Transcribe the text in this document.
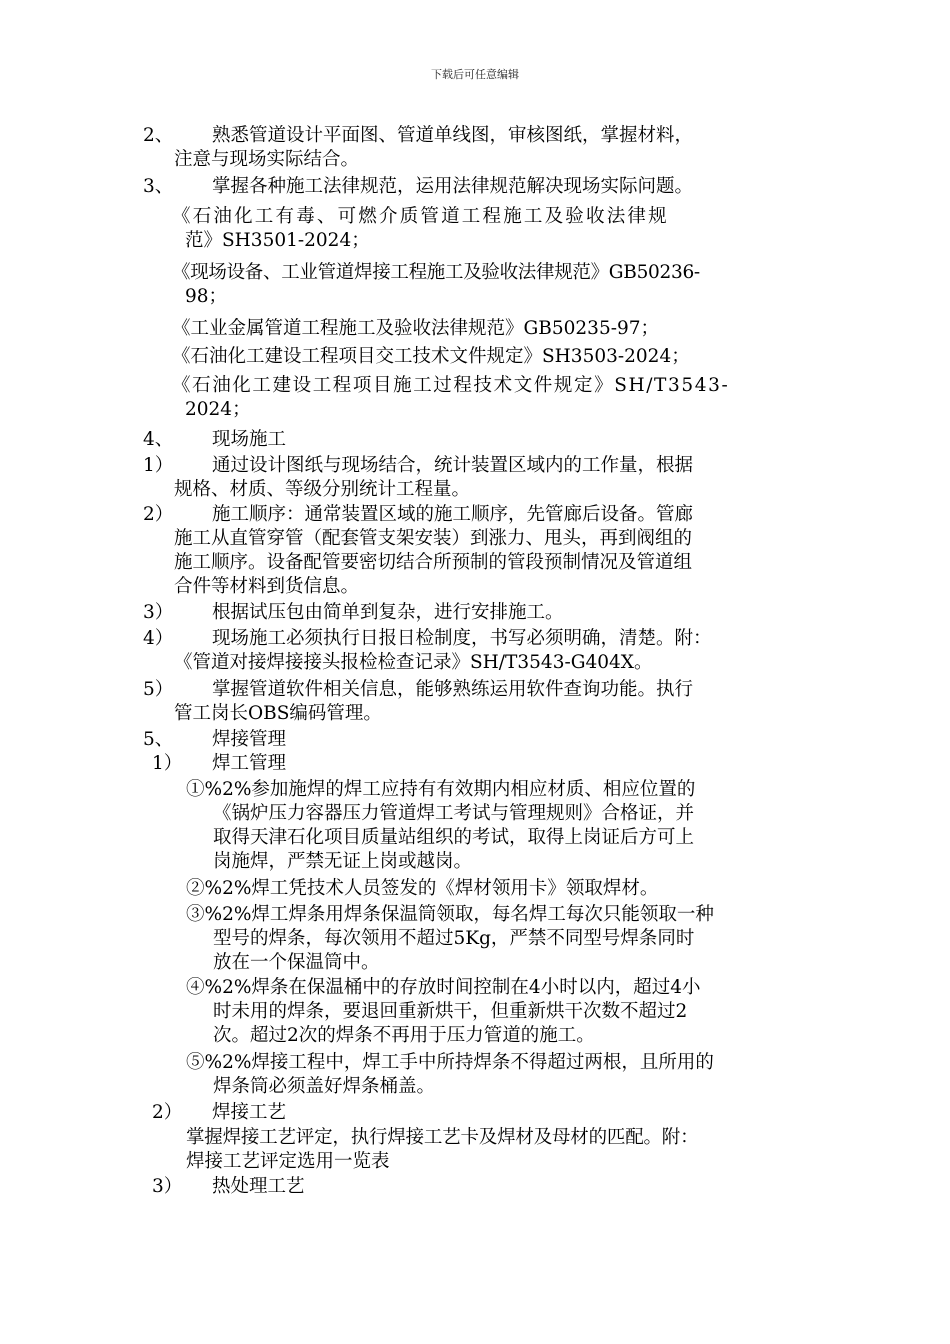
下载后可任意编辑
2、 熟悉管道设计平面图、管道单线图，审核图纸，掌握材料，
注意与现场实际结合。
3、 掌握各种施工法律规范，运用法律规范解决现场实际问题。
《石油化工有毒、可燃介质管道工程施工及验收法律规
范》SH3501-2024；
《现场设备、工业管道焊接工程施工及验收法律规范》GB50236-
98；
《工业金属管道工程施工及验收法律规范》GB50235-97；
《石油化工建设工程项目交工技术文件规定》SH3503-2024；
《石油化工建设工程项目施工过程技术文件规定》SH/T3543-
2024；
4、 现场施工
1） 通过设计图纸与现场结合，统计装置区域内的工作量，根据
规格、材质、等级分别统计工程量。
2） 施工顺序：通常装置区域的施工顺序，先管廊后设备。管廊
施工从直管穿管（配套管支架安装）到涨力、甩头，再到阀组的
施工顺序。设备配管要密切结合所预制的管段预制情况及管道组
合件等材料到货信息。
3） 根据试压包由简单到复杂，进行安排施工。
4） 现场施工必须执行日报日检制度，书写必须明确，清楚。附：
《管道对接焊接接头报检检查记录》SH/T3543-G404X。
5） 掌握管道软件相关信息，能够熟练运用软件查询功能。执行
管工岗长OBS编码管理。
5、 焊接管理
1） 焊工管理
①%2%参加施焊的焊工应持有有效期内相应材质、相应位置的
《锅炉压力容器压力管道焊工考试与管理规则》合格证，并
取得天津石化项目质量站组织的考试，取得上岗证后方可上
岗施焊，严禁无证上岗或越岗。
②%2%焊工凭技术人员签发的《焊材领用卡》领取焊材。
③%2%焊工焊条用焊条保温筒领取，每名焊工每次只能领取一种
型号的焊条，每次领用不超过5Kg，严禁不同型号焊条同时
放在一个保温筒中。
④%2%焊条在保温桶中的存放时间控制在4小时以内，超过4小
时未用的焊条，要退回重新烘干，但重新烘干次数不超过2
次。超过2次的焊条不再用于压力管道的施工。
⑤%2%焊接工程中，焊工手中所持焊条不得超过两根，且所用的
焊条筒必须盖好焊条桶盖。
2） 焊接工艺
掌握焊接工艺评定，执行焊接工艺卡及焊材及母材的匹配。附：
焊接工艺评定选用一览表
3） 热处理工艺
